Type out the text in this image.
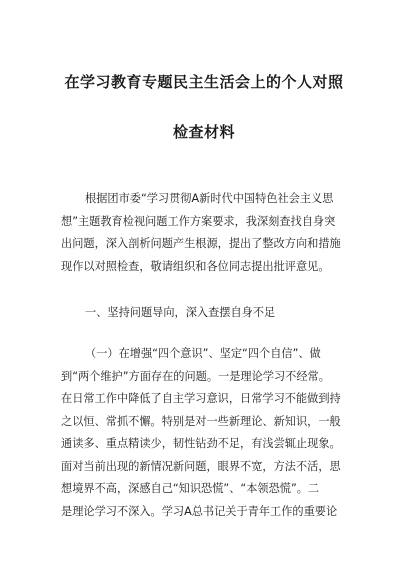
在学习教育专题民主生活会上的个人对照
检查材料
根据团市委“学习贯彻A新时代中国特色社会主义思
想”主题教育检视问题工作方案要求，我深刻查找自身突
出问题，深入剖析问题产生根源，提出了整改方向和措施
现作以对照检查，敬请组织和各位同志提出批评意见。
一、坚持问题导向，深入查摆自身不足
（一）在增强“四个意识”、坚定“四个自信”、做
到“两个维护”方面存在的问题。一是理论学习不经常。
在日常工作中降低了自主学习意识，日常学习不能做到持
之以恒、常抓不懈。特别是对一些新理论、新知识，一般
通读多、重点精读少，韧性钻劲不足，有浅尝辄止现象。
面对当前出现的新情况新问题，眼界不宽，方法不活，思
想境界不高，深感自己“知识恐慌”、“本领恐慌”。二
是理论学习不深入。学习A总书记关于青年工作的重要论
